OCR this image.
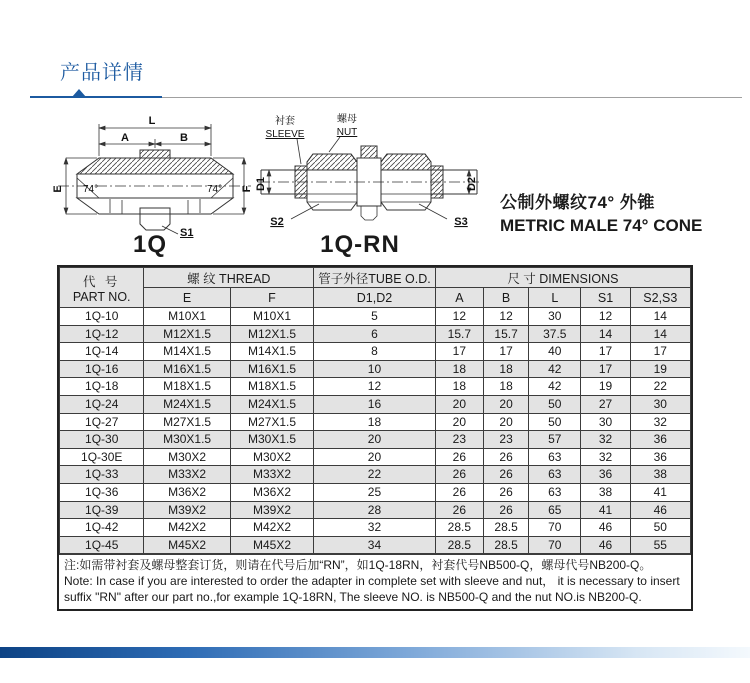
产品详情
L
A	B
E	F
74°	74°
S1
1Q
衬套
SLEEVE
螺母
NUT
D1	D2
S2	S3
1Q-RN
公制外螺纹74° 外锥
METRIC MALE 74° CONE
代 号
PART NO.	螺 纹 THREAD		管子外径TUBE O.D.	尺 寸 DIMENSIONS				
	E	F	D1,D2	A	B	L	S1	S2,S3
1Q-10	M10X1	M10X1	5	12	12	30	12	14
1Q-12	M12X1.5	M12X1.5	6	15.7	15.7	37.5	14	14
1Q-14	M14X1.5	M14X1.5	8	17	17	40	17	17
1Q-16	M16X1.5	M16X1.5	10	18	18	42	17	19
1Q-18	M18X1.5	M18X1.5	12	18	18	42	19	22
1Q-24	M24X1.5	M24X1.5	16	20	20	50	27	30
1Q-27	M27X1.5	M27X1.5	18	20	20	50	30	32
1Q-30	M30X1.5	M30X1.5	20	23	23	57	32	36
1Q-30E	M30X2	M30X2	20	26	26	63	32	36
1Q-33	M33X2	M33X2	22	26	26	63	36	38
1Q-36	M36X2	M36X2	25	26	26	63	38	41
1Q-39	M39X2	M39X2	28	26	26	65	41	46
1Q-42	M42X2	M42X2	32	28.5	28.5	70	46	50
1Q-45	M45X2	M45X2	34	28.5	28.5	70	46	55
注:如需带衬套及螺母整套订货，则请在代号后加“RN”，如1Q-18RN，衬套代号NB500-Q，螺母代号NB200-Q。
Note: In case if you are interested to order the adapter in complete set with sleeve and nut， it is necessary to insert suffix "RN" after our part no.,for example 1Q-18RN, The sleeve NO. is NB500-Q and the nut NO.is NB200-Q.
